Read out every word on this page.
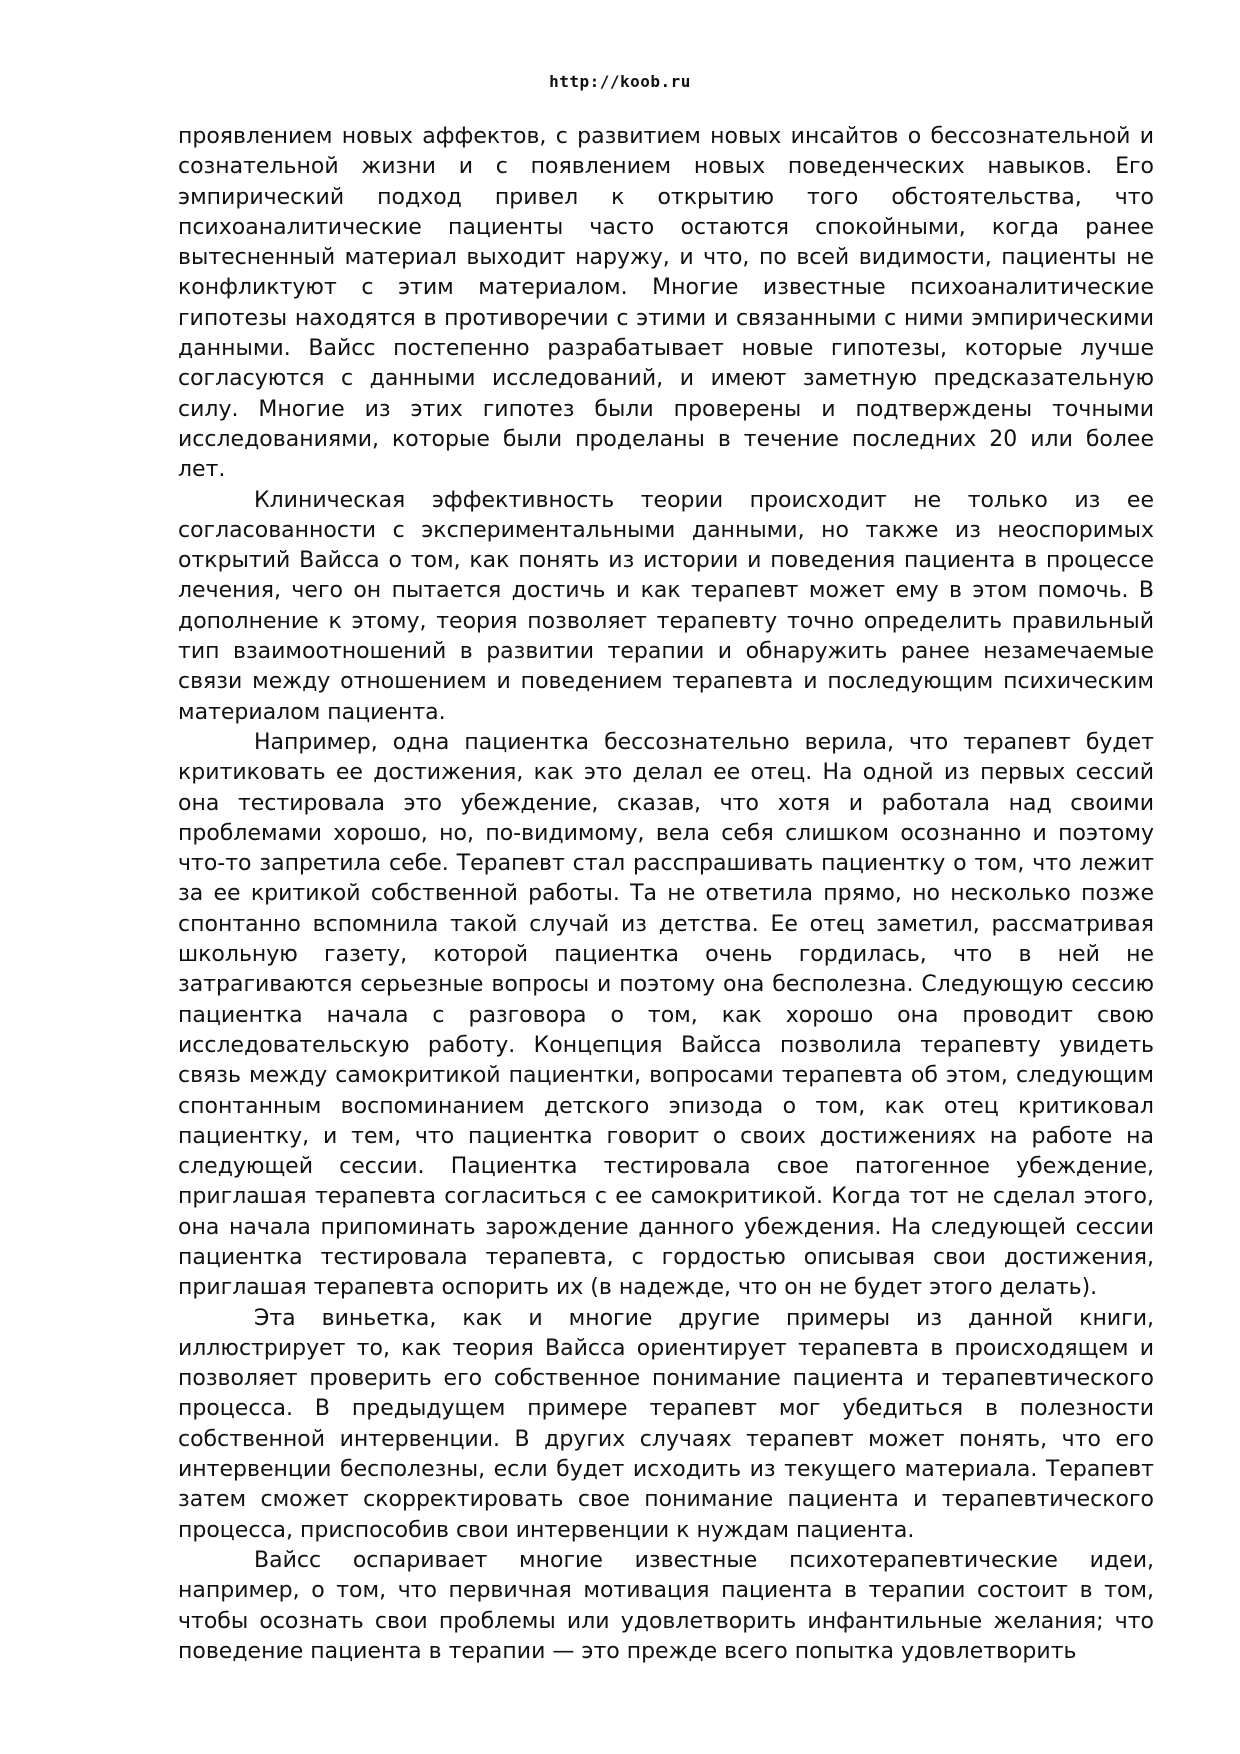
http://koob.ru

проявлением новых аффектов, с развитием новых инсайтов о бессознательной и сознательной жизни и с появлением новых поведенческих навыков. Его эмпирический подход привел к открытию того обстоятельства, что психоаналитические пациенты часто остаются спокойными, когда ранее вытесненный материал выходит наружу, и что, по всей видимости, пациенты не конфликтуют с этим материалом. Многие известные психоаналитические гипотезы находятся в противоречии с этими и связанными с ними эмпирическими данными. Вайсс постепенно разрабатывает новые гипотезы, которые лучше согласуются с данными исследований, и имеют заметную предсказательную силу. Многие из этих гипотез были проверены и подтверждены точными исследованиями, которые были проделаны в течение последних 20 или более лет.

Клиническая эффективность теории происходит не только из ее согласованности с экспериментальными данными, но также из неоспоримых открытий Вайсса о том, как понять из истории и поведения пациента в процессе лечения, чего он пытается достичь и как терапевт может ему в этом помочь. В дополнение к этому, теория позволяет терапевту точно определить правильный тип взаимоотношений в развитии терапии и обнаружить ранее незамечаемые связи между отношением и поведением терапевта и последующим психическим материалом пациента.

Например, одна пациентка бессознательно верила, что терапевт будет критиковать ее достижения, как это делал ее отец. На одной из первых сессий она тестировала это убеждение, сказав, что хотя и работала над своими проблемами хорошо, но, по-видимому, вела себя слишком осознанно и поэтому что-то запретила себе. Терапевт стал расспрашивать пациентку о том, что лежит за ее критикой собственной работы. Та не ответила прямо, но несколько позже спонтанно вспомнила такой случай из детства. Ее отец заметил, рассматривая школьную газету, которой пациентка очень гордилась, что в ней не затрагиваются серьезные вопросы и поэтому она бесполезна. Следующую сессию пациентка начала с разговора о том, как хорошо она проводит свою исследовательскую работу. Концепция Вайсса позволила терапевту увидеть связь между самокритикой пациентки, вопросами терапевта об этом, следующим спонтанным воспоминанием детского эпизода о том, как отец критиковал пациентку, и тем, что пациентка говорит о своих достижениях на работе на следующей сессии. Пациентка тестировала свое патогенное убеждение, приглашая терапевта согласиться с ее самокритикой. Когда тот не сделал этого, она начала припоминать зарождение данного убеждения. На следующей сессии пациентка тестировала терапевта, с гордостью описывая свои достижения, приглашая терапевта оспорить их (в надежде, что он не будет этого делать).

Эта виньетка, как и многие другие примеры из данной книги, иллюстрирует то, как теория Вайсса ориентирует терапевта в происходящем и позволяет проверить его собственное понимание пациента и терапевтического процесса. В предыдущем примере терапевт мог убедиться в полезности собственной интервенции. В других случаях терапевт может понять, что его интервенции бесполезны, если будет исходить из текущего материала. Терапевт затем сможет скорректировать свое понимание пациента и терапевтического процесса, приспособив свои интервенции к нуждам пациента.

Вайсс оспаривает многие известные психотерапевтические идеи, например, о том, что первичная мотивация пациента в терапии состоит в том, чтобы осознать свои проблемы или удовлетворить инфантильные желания; что поведение пациента в терапии — это прежде всего попытка удовлетворить
